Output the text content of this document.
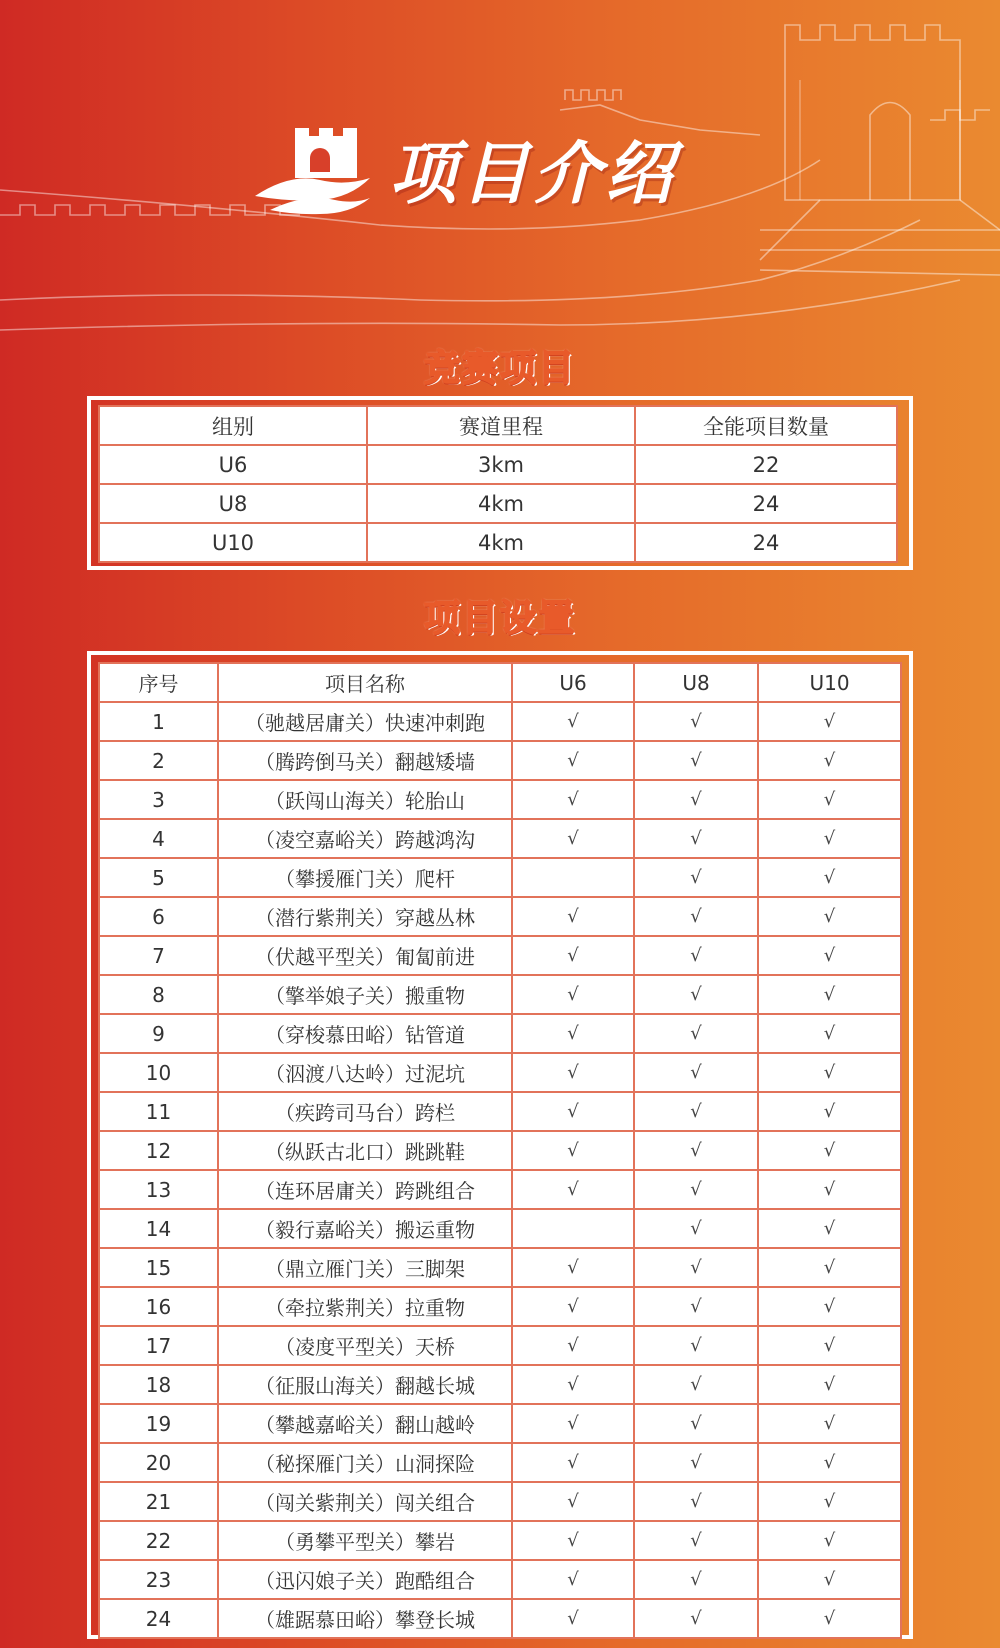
项目介绍
竞赛项目
组别	赛道里程	全能项目数量
U6	3km	22
U8	4km	24
U10	4km	24
项目设置
序号	项目名称	U6	U8	U10
1	（驰越居庸关）快速冲刺跑	√	√	√
2	（腾跨倒马关）翻越矮墙	√	√	√
3	（跃闯山海关）轮胎山	√	√	√
4	（凌空嘉峪关）跨越鸿沟	√	√	√
5	（攀援雁门关）爬杆		√	√
6	（潜行紫荆关）穿越丛林	√	√	√
7	（伏越平型关）匍匐前进	√	√	√
8	（擎举娘子关）搬重物	√	√	√
9	（穿梭慕田峪）钻管道	√	√	√
10	（泅渡八达岭）过泥坑	√	√	√
11	（疾跨司马台）跨栏	√	√	√
12	（纵跃古北口）跳跳鞋	√	√	√
13	（连环居庸关）跨跳组合	√	√	√
14	（毅行嘉峪关）搬运重物		√	√
15	（鼎立雁门关）三脚架	√	√	√
16	（牵拉紫荆关）拉重物	√	√	√
17	（凌度平型关）天桥	√	√	√
18	（征服山海关）翻越长城	√	√	√
19	（攀越嘉峪关）翻山越岭	√	√	√
20	（秘探雁门关）山洞探险	√	√	√
21	（闯关紫荆关）闯关组合	√	√	√
22	（勇攀平型关）攀岩	√	√	√
23	（迅闪娘子关）跑酷组合	√	√	√
24	（雄踞慕田峪）攀登长城	√	√	√
